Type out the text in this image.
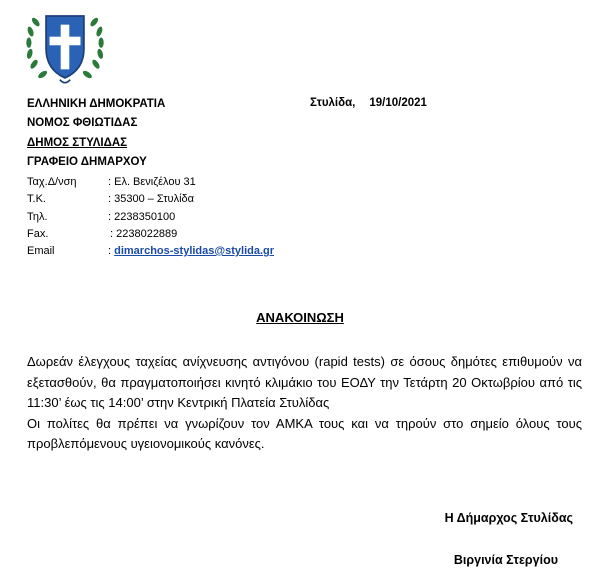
ΕΛΛΗΝΙΚΗ ΔΗΜΟΚΡΑΤΙΑ
ΝΟΜΟΣ ΦΘΙΩΤΙΔΑΣ
ΔΗΜΟΣ ΣΤΥΛΙΔΑΣ
ΓΡΑΦΕΙΟ ΔΗΜΑΡΧΟΥ
Στυλίδα, 19/10/2021
Ταχ.Δ/νση	: Ελ. Βενιζέλου 31
Τ.Κ.	: 35300 – Στυλίδα
Τηλ.	: 2238350100
Fax.	: 2238022889
Email	: dimarchos-stylidas@stylida.gr
ΑΝΑΚΟΙΝΩΣΗ

Δωρεάν έλεγχους ταχείας ανίχνευσης αντιγόνου (rapid tests) σε όσους δημότες επιθυμούν να εξετασθούν, θα πραγματοποιήσει κινητό κλιμάκιο του ΕΟΔΥ την Τετάρτη 20 Οκτωβρίου από τις 11:30’ έως τις 14:00’ στην Κεντρική Πλατεία Στυλίδας

Οι πολίτες θα πρέπει να γνωρίζουν τον ΑΜΚΑ τους και να τηρούν στο σημείο όλους τους προβλεπόμενους υγειονομικούς κανόνες.

Η Δήμαρχος Στυλίδας
Βιργινία Στεργίου
